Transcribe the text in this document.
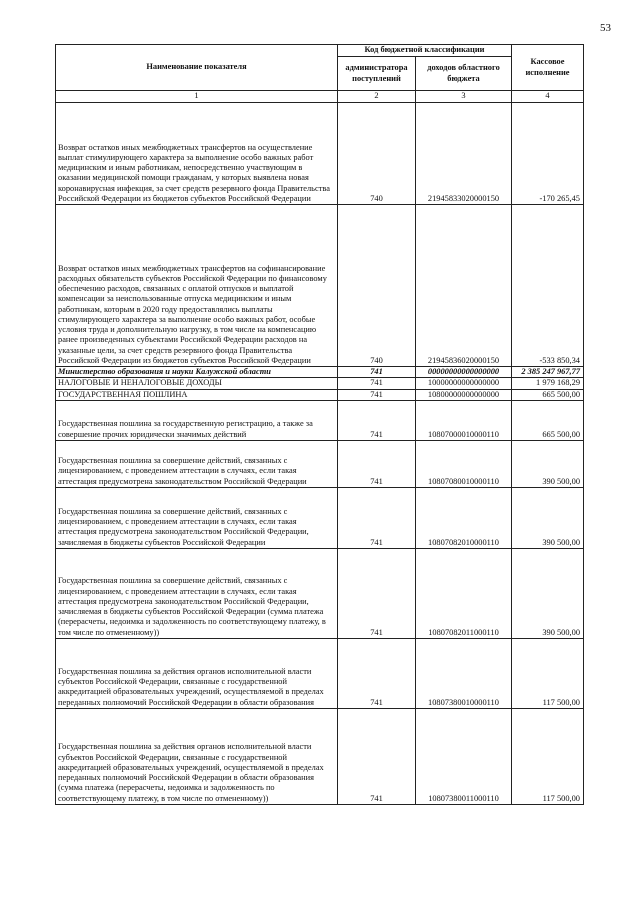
53
Наименование показателя	Код бюджетной классификации		Кассовое исполнение
	администратора поступлений	доходов областного бюджета	
1	2	3	4
Возврат остатков иных межбюджетных трансфертов на осуществление выплат стимулирующего характера за выполнение особо важных работ медицинским и иным работникам, непосредственно участвующим в оказании медицинской помощи гражданам, у которых выявлена новая коронавирусная инфекция, за счет средств резервного фонда Правительства Российской Федерации из бюджетов субъектов Российской Федерации	740	21945833020000150	-170 265,45
Возврат остатков иных межбюджетных трансфертов на софинансирование расходных обязательств субъектов Российской Федерации по финансовому обеспечению расходов, связанных с оплатой отпусков и выплатой компенсации за неиспользованные отпуска медицинским и иным работникам, которым в 2020 году предоставлялись выплаты стимулирующего характера за выполнение особо важных работ, особые условия труда и дополнительную нагрузку, в том числе на компенсацию ранее произведенных субъектами Российской Федерации расходов на указанные цели, за счет средств резервного фонда Правительства Российской Федерации из бюджетов субъектов Российской Федерации	740	21945836020000150	-533 850,34
Министерство образования и науки Калужской области	741	00000000000000000	2 385 247 967,77
НАЛОГОВЫЕ И НЕНАЛОГОВЫЕ ДОХОДЫ	741	10000000000000000	1 979 168,29
ГОСУДАРСТВЕННАЯ ПОШЛИНА	741	10800000000000000	665 500,00
Государственная пошлина за государственную регистрацию, а также за совершение прочих юридически значимых действий	741	10807000010000110	665 500,00
Государственная пошлина за совершение действий, связанных с лицензированием, с проведением аттестации в случаях, если такая аттестация предусмотрена законодательством Российской Федерации	741	10807080010000110	390 500,00
Государственная пошлина за совершение действий, связанных с лицензированием, с проведением аттестации в случаях, если такая аттестация предусмотрена законодательством Российской Федерации, зачисляемая в бюджеты субъектов Российской Федерации	741	10807082010000110	390 500,00
Государственная пошлина за совершение действий, связанных с лицензированием, с проведением аттестации в случаях, если такая аттестация предусмотрена законодательством Российской Федерации, зачисляемая в бюджеты субъектов Российской Федерации (сумма платежа (перерасчеты, недоимка и задолженность по соответствующему платежу, в том числе по отмененному))	741	10807082011000110	390 500,00
Государственная пошлина за действия органов исполнительной власти субъектов Российской Федерации, связанные с государственной аккредитацией образовательных учреждений, осуществляемой в пределах переданных полномочий Российской Федерации в области образования	741	10807380010000110	117 500,00
Государственная пошлина за действия органов исполнительной власти субъектов Российской Федерации, связанные с государственной аккредитацией образовательных учреждений, осуществляемой в пределах переданных полномочий Российской Федерации в области образования (сумма платежа (перерасчеты, недоимка и задолженность по соответствующему платежу, в том числе по отмененному))	741	10807380011000110	117 500,00
